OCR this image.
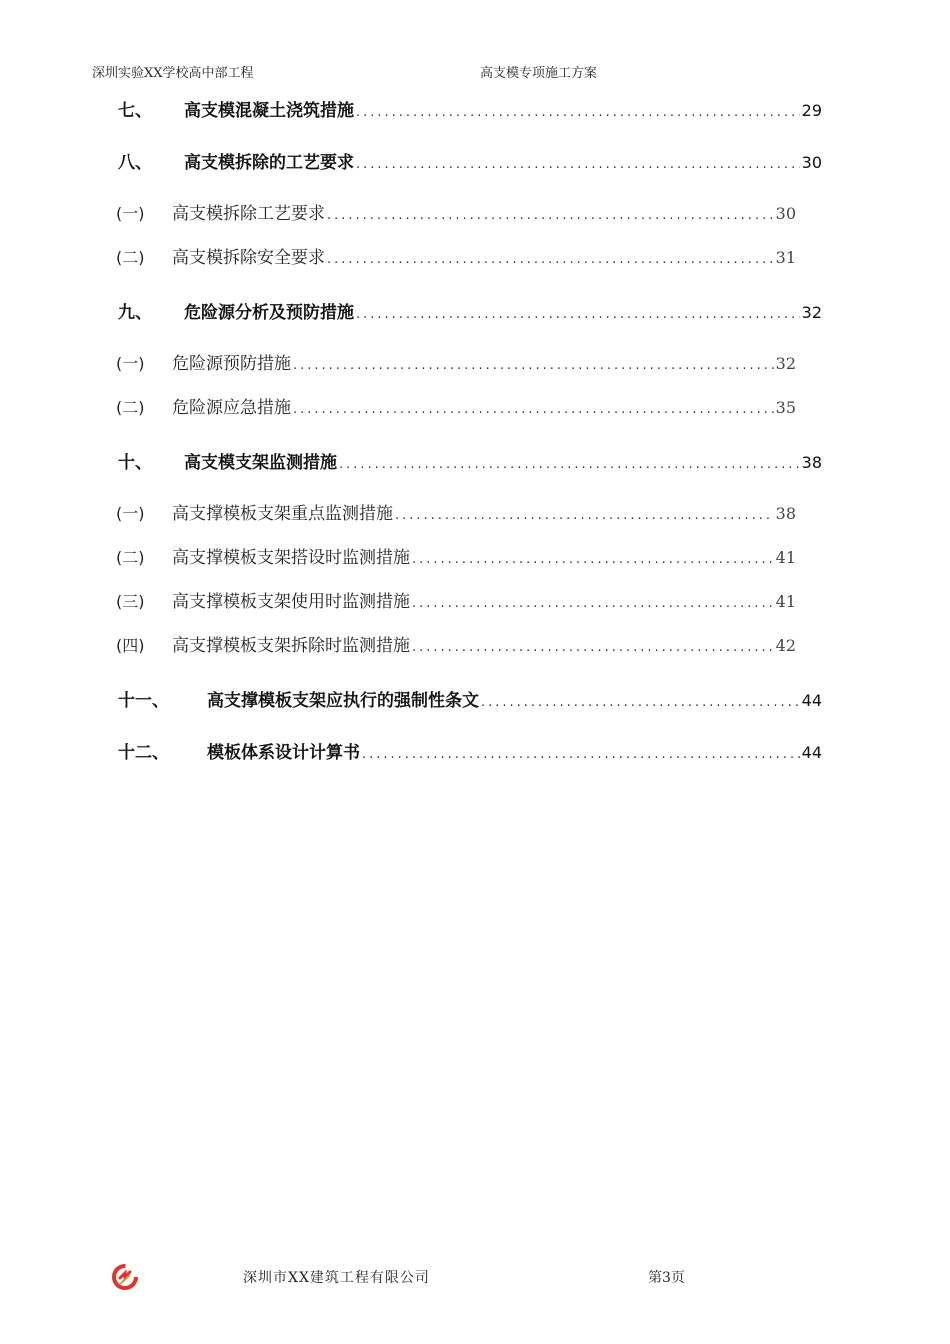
深圳实验XX学校高中部工程	高支模专项施工方案
七、	高支模混凝土浇筑措施 .....	29
八、	高支模拆除的工艺要求 .....	30
(一)	高支模拆除工艺要求 .....	30
(二)	高支模拆除安全要求 .....	31
九、	危险源分析及预防措施 .....	32
(一)	危险源预防措施 .....	32
(二)	危险源应急措施 .....	35
十、	高支模支架监测措施 .....	38
(一)	高支撑模板支架重点监测措施 .....	38
(二)	高支撑模板支架搭设时监测措施 .....	41
(三)	高支撑模板支架使用时监测措施 .....	41
(四)	高支撑模板支架拆除时监测措施 .....	42
十一、	高支撑模板支架应执行的强制性条文 .....	44
十二、	模板体系设计计算书 .....	44
深圳市XX建筑工程有限公司	第3页
